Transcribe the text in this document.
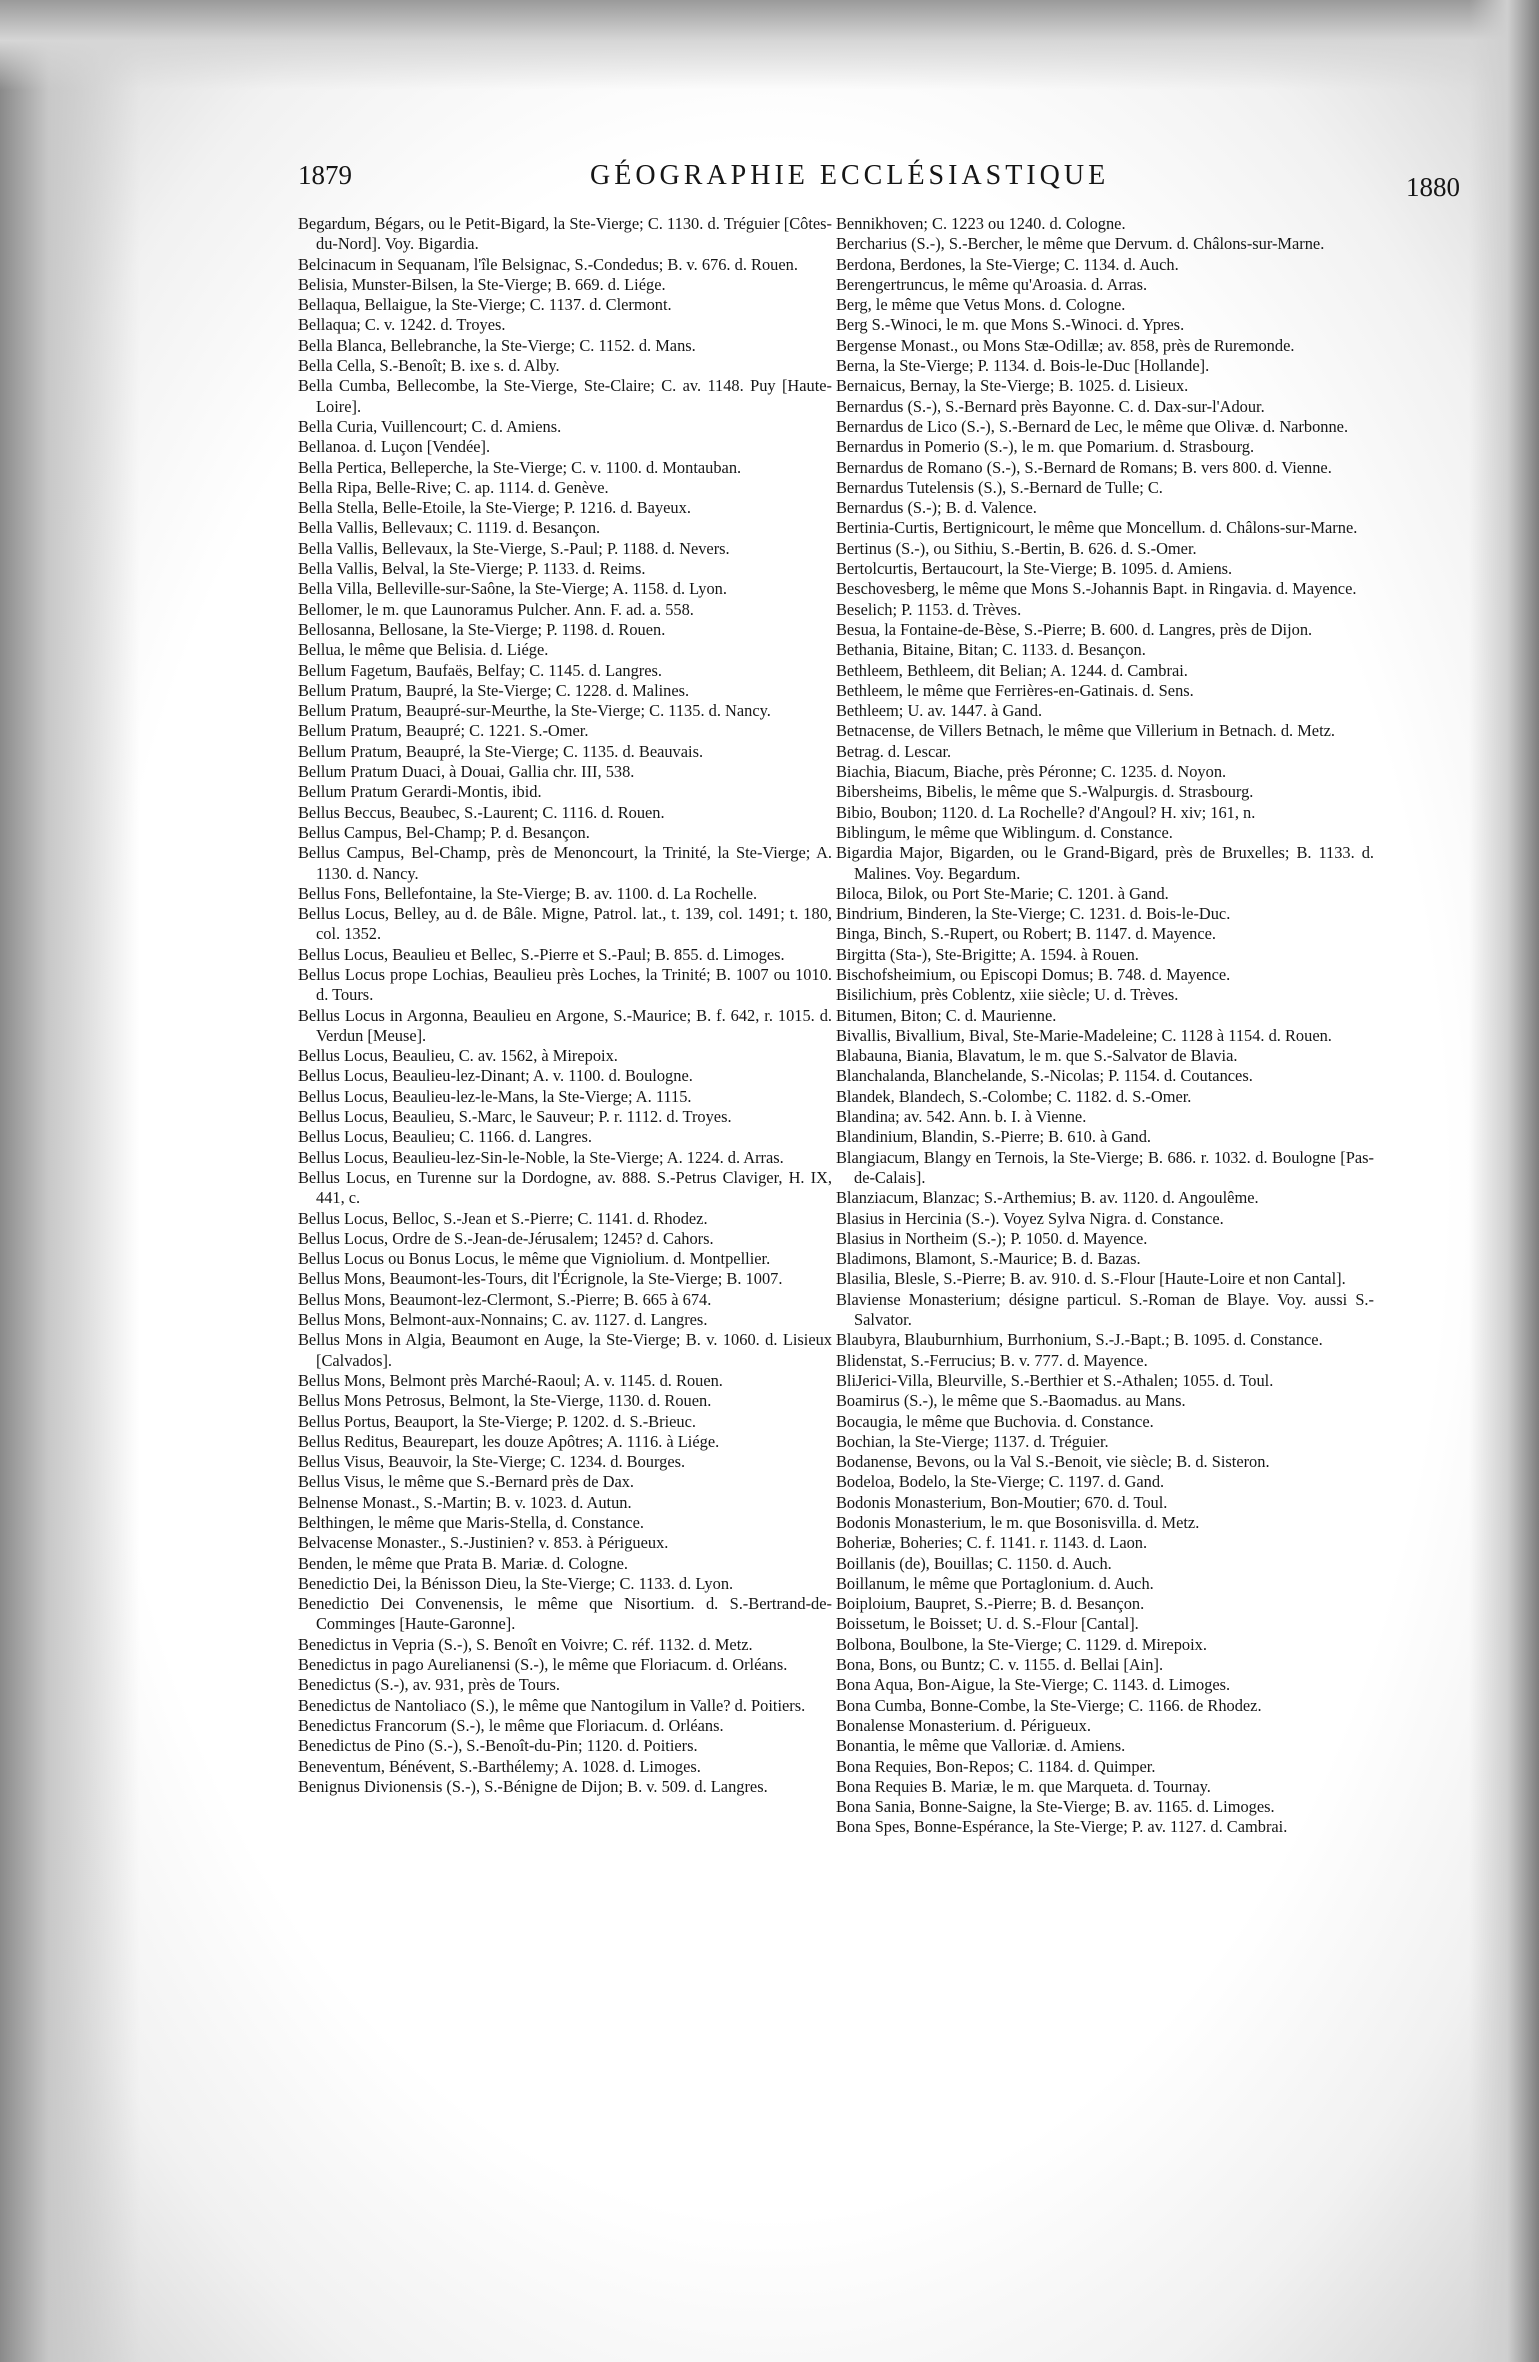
1879	GÉOGRAPHIE ECCLÉSIASTIQUE	1880

Begardum, Bégars, ou le Petit-Bigard, la Ste-Vierge; C. 1130. d. Tréguier [Côtes-du-Nord]. Voy. Bigardia.

Belcinacum in Sequanam, l'île Belsignac, S.-Condedus; B. v. 676. d. Rouen.

Belisia, Munster-Bilsen, la Ste-Vierge; B. 669. d. Liége.

Bellaqua, Bellaigue, la Ste-Vierge; C. 1137. d. Clermont.

Bellaqua; C. v. 1242. d. Troyes.

Bella Blanca, Bellebranche, la Ste-Vierge; C. 1152. d. Mans.

Bella Cella, S.-Benoît; B. ixe s. d. Alby.

Bella Cumba, Bellecombe, la Ste-Vierge, Ste-Claire; C. av. 1148. Puy [Haute-Loire].

Bella Curia, Vuillencourt; C. d. Amiens.

Bellanoa. d. Luçon [Vendée].

Bella Pertica, Belleperche, la Ste-Vierge; C. v. 1100. d. Montauban.

Bella Ripa, Belle-Rive; C. ap. 1114. d. Genève.

Bella Stella, Belle-Etoile, la Ste-Vierge; P. 1216. d. Bayeux.

Bella Vallis, Bellevaux; C. 1119. d. Besançon.

Bella Vallis, Bellevaux, la Ste-Vierge, S.-Paul; P. 1188. d. Nevers.

Bella Vallis, Belval, la Ste-Vierge; P. 1133. d. Reims.

Bella Villa, Belleville-sur-Saône, la Ste-Vierge; A. 1158. d. Lyon.

Bellomer, le m. que Launoramus Pulcher. Ann. F. ad. a. 558.

Bellosanna, Bellosane, la Ste-Vierge; P. 1198. d. Rouen.

Bellua, le même que Belisia. d. Liége.

Bellum Fagetum, Baufaës, Belfay; C. 1145. d. Langres.

Bellum Pratum, Baupré, la Ste-Vierge; C. 1228. d. Malines.

Bellum Pratum, Beaupré-sur-Meurthe, la Ste-Vierge; C. 1135. d. Nancy.

Bellum Pratum, Beaupré; C. 1221. S.-Omer.

Bellum Pratum, Beaupré, la Ste-Vierge; C. 1135. d. Beauvais.

Bellum Pratum Duaci, à Douai, Gallia chr. III, 538.

Bellum Pratum Gerardi-Montis, ibid.

Bellus Beccus, Beaubec, S.-Laurent; C. 1116. d. Rouen.

Bellus Campus, Bel-Champ; P. d. Besançon.

Bellus Campus, Bel-Champ, près de Menoncourt, la Trinité, la Ste-Vierge; A. 1130. d. Nancy.

Bellus Fons, Bellefontaine, la Ste-Vierge; B. av. 1100. d. La Rochelle.

Bellus Locus, Belley, au d. de Bâle. Migne, Patrol. lat., t. 139, col. 1491; t. 180, col. 1352.

Bellus Locus, Beaulieu et Bellec, S.-Pierre et S.-Paul; B. 855. d. Limoges.

Bellus Locus prope Lochias, Beaulieu près Loches, la Trinité; B. 1007 ou 1010. d. Tours.

Bellus Locus in Argonna, Beaulieu en Argone, S.-Maurice; B. f. 642, r. 1015. d. Verdun [Meuse].

Bellus Locus, Beaulieu, C. av. 1562, à Mirepoix.

Bellus Locus, Beaulieu-lez-Dinant; A. v. 1100. d. Boulogne.

Bellus Locus, Beaulieu-lez-le-Mans, la Ste-Vierge; A. 1115.

Bellus Locus, Beaulieu, S.-Marc, le Sauveur; P. r. 1112. d. Troyes.

Bellus Locus, Beaulieu; C. 1166. d. Langres.

Bellus Locus, Beaulieu-lez-Sin-le-Noble, la Ste-Vierge; A. 1224. d. Arras.

Bellus Locus, en Turenne sur la Dordogne, av. 888. S.-Petrus Claviger, H. IX, 441, c.

Bellus Locus, Belloc, S.-Jean et S.-Pierre; C. 1141. d. Rhodez.

Bellus Locus, Ordre de S.-Jean-de-Jérusalem; 1245? d. Cahors.

Bellus Locus ou Bonus Locus, le même que Vigniolium. d. Montpellier.

Bellus Mons, Beaumont-les-Tours, dit l'Écrignole, la Ste-Vierge; B. 1007.

Bellus Mons, Beaumont-lez-Clermont, S.-Pierre; B. 665 à 674.

Bellus Mons, Belmont-aux-Nonnains; C. av. 1127. d. Langres.

Bellus Mons in Algia, Beaumont en Auge, la Ste-Vierge; B. v. 1060. d. Lisieux [Calvados].

Bellus Mons, Belmont près Marché-Raoul; A. v. 1145. d. Rouen.

Bellus Mons Petrosus, Belmont, la Ste-Vierge, 1130. d. Rouen.

Bellus Portus, Beauport, la Ste-Vierge; P. 1202. d. S.-Brieuc.

Bellus Reditus, Beaurepart, les douze Apôtres; A. 1116. à Liége.

Bellus Visus, Beauvoir, la Ste-Vierge; C. 1234. d. Bourges.

Bellus Visus, le même que S.-Bernard près de Dax.

Belnense Monast., S.-Martin; B. v. 1023. d. Autun.

Belthingen, le même que Maris-Stella, d. Constance.

Belvacense Monaster., S.-Justinien? v. 853. à Périgueux.

Benden, le même que Prata B. Mariæ. d. Cologne.

Benedictio Dei, la Bénisson Dieu, la Ste-Vierge; C. 1133. d. Lyon.

Benedictio Dei Convenensis, le même que Nisortium. d. S.-Bertrand-de-Comminges [Haute-Garonne].

Benedictus in Vepria (S.-), S. Benoît en Voivre; C. réf. 1132. d. Metz.

Benedictus in pago Aurelianensi (S.-), le même que Floriacum. d. Orléans.

Benedictus (S.-), av. 931, près de Tours.

Benedictus de Nantoliaco (S.), le même que Nantogilum in Valle? d. Poitiers.

Benedictus Francorum (S.-), le même que Floriacum. d. Orléans.

Benedictus de Pino (S.-), S.-Benoît-du-Pin; 1120. d. Poitiers.

Beneventum, Bénévent, S.-Barthélemy; A. 1028. d. Limoges.

Benignus Divionensis (S.-), S.-Bénigne de Dijon; B. v. 509. d. Langres.

Bennikhoven; C. 1223 ou 1240. d. Cologne.

Bercharius (S.-), S.-Bercher, le même que Dervum. d. Châlons-sur-Marne.

Berdona, Berdones, la Ste-Vierge; C. 1134. d. Auch.

Berengertruncus, le même qu'Aroasia. d. Arras.

Berg, le même que Vetus Mons. d. Cologne.

Berg S.-Winoci, le m. que Mons S.-Winoci. d. Ypres.

Bergense Monast., ou Mons Stæ-Odillæ; av. 858, près de Ruremonde.

Berna, la Ste-Vierge; P. 1134. d. Bois-le-Duc [Hollande].

Bernaicus, Bernay, la Ste-Vierge; B. 1025. d. Lisieux.

Bernardus (S.-), S.-Bernard près Bayonne. C. d. Dax-sur-l'Adour.

Bernardus de Lico (S.-), S.-Bernard de Lec, le même que Olivæ. d. Narbonne.

Bernardus in Pomerio (S.-), le m. que Pomarium. d. Strasbourg.

Bernardus de Romano (S.-), S.-Bernard de Romans; B. vers 800. d. Vienne.

Bernardus Tutelensis (S.), S.-Bernard de Tulle; C.

Bernardus (S.-); B. d. Valence.

Bertinia-Curtis, Bertignicourt, le même que Moncellum. d. Châlons-sur-Marne.

Bertinus (S.-), ou Sithiu, S.-Bertin, B. 626. d. S.-Omer.

Bertolcurtis, Bertaucourt, la Ste-Vierge; B. 1095. d. Amiens.

Beschovesberg, le même que Mons S.-Johannis Bapt. in Ringavia. d. Mayence.

Beselich; P. 1153. d. Trèves.

Besua, la Fontaine-de-Bèse, S.-Pierre; B. 600. d. Langres, près de Dijon.

Bethania, Bitaine, Bitan; C. 1133. d. Besançon.

Bethleem, Bethleem, dit Belian; A. 1244. d. Cambrai.

Bethleem, le même que Ferrières-en-Gatinais. d. Sens.

Bethleem; U. av. 1447. à Gand.

Betnacense, de Villers Betnach, le même que Villerium in Betnach. d. Metz.

Betrag. d. Lescar.

Biachia, Biacum, Biache, près Péronne; C. 1235. d. Noyon.

Bibersheims, Bibelis, le même que S.-Walpurgis. d. Strasbourg.

Bibio, Boubon; 1120. d. La Rochelle? d'Angoul? H. xiv; 161, n.

Biblingum, le même que Wiblingum. d. Constance.

Bigardia Major, Bigarden, ou le Grand-Bigard, près de Bruxelles; B. 1133. d. Malines. Voy. Begardum.

Biloca, Bilok, ou Port Ste-Marie; C. 1201. à Gand.

Bindrium, Binderen, la Ste-Vierge; C. 1231. d. Bois-le-Duc.

Binga, Binch, S.-Rupert, ou Robert; B. 1147. d. Mayence.

Birgitta (Sta-), Ste-Brigitte; A. 1594. à Rouen.

Bischofsheimium, ou Episcopi Domus; B. 748. d. Mayence.

Bisilichium, près Coblentz, xiie siècle; U. d. Trèves.

Bitumen, Biton; C. d. Maurienne.

Bivallis, Bivallium, Bival, Ste-Marie-Madeleine; C. 1128 à 1154. d. Rouen.

Blabauna, Biania, Blavatum, le m. que S.-Salvator de Blavia.

Blanchalanda, Blanchelande, S.-Nicolas; P. 1154. d. Coutances.

Blandek, Blandech, S.-Colombe; C. 1182. d. S.-Omer.

Blandina; av. 542. Ann. b. I. à Vienne.

Blandinium, Blandin, S.-Pierre; B. 610. à Gand.

Blangiacum, Blangy en Ternois, la Ste-Vierge; B. 686. r. 1032. d. Boulogne [Pas-de-Calais].

Blanziacum, Blanzac; S.-Arthemius; B. av. 1120. d. Angoulême.

Blasius in Hercinia (S.-). Voyez Sylva Nigra. d. Constance.

Blasius in Northeim (S.-); P. 1050. d. Mayence.

Bladimons, Blamont, S.-Maurice; B. d. Bazas.

Blasilia, Blesle, S.-Pierre; B. av. 910. d. S.-Flour [Haute-Loire et non Cantal].

Blaviense Monasterium; désigne particul. S.-Roman de Blaye. Voy. aussi S.-Salvator.

Blaubyra, Blauburnhium, Burrhonium, S.-J.-Bapt.; B. 1095. d. Constance.

Blidenstat, S.-Ferrucius; B. v. 777. d. Mayence.

BliJerici-Villa, Bleurville, S.-Berthier et S.-Athalen; 1055. d. Toul.

Boamirus (S.-), le même que S.-Baomadus. au Mans.

Bocaugia, le même que Buchovia. d. Constance.

Bochian, la Ste-Vierge; 1137. d. Tréguier.

Bodanense, Bevons, ou la Val S.-Benoit, vie siècle; B. d. Sisteron.

Bodeloa, Bodelo, la Ste-Vierge; C. 1197. d. Gand.

Bodonis Monasterium, Bon-Moutier; 670. d. Toul.

Bodonis Monasterium, le m. que Bosonisvilla. d. Metz.

Boheriæ, Boheries; C. f. 1141. r. 1143. d. Laon.

Boillanis (de), Bouillas; C. 1150. d. Auch.

Boillanum, le même que Portaglonium. d. Auch.

Boiploium, Baupret, S.-Pierre; B. d. Besançon.

Boissetum, le Boisset; U. d. S.-Flour [Cantal].

Bolbona, Boulbone, la Ste-Vierge; C. 1129. d. Mirepoix.

Bona, Bons, ou Buntz; C. v. 1155. d. Bellai [Ain].

Bona Aqua, Bon-Aigue, la Ste-Vierge; C. 1143. d. Limoges.

Bona Cumba, Bonne-Combe, la Ste-Vierge; C. 1166. de Rhodez.

Bonalense Monasterium. d. Périgueux.

Bonantia, le même que Valloriæ. d. Amiens.

Bona Requies, Bon-Repos; C. 1184. d. Quimper.

Bona Requies B. Mariæ, le m. que Marqueta. d. Tournay.

Bona Sania, Bonne-Saigne, la Ste-Vierge; B. av. 1165. d. Limoges.

Bona Spes, Bonne-Espérance, la Ste-Vierge; P. av. 1127. d. Cambrai.
